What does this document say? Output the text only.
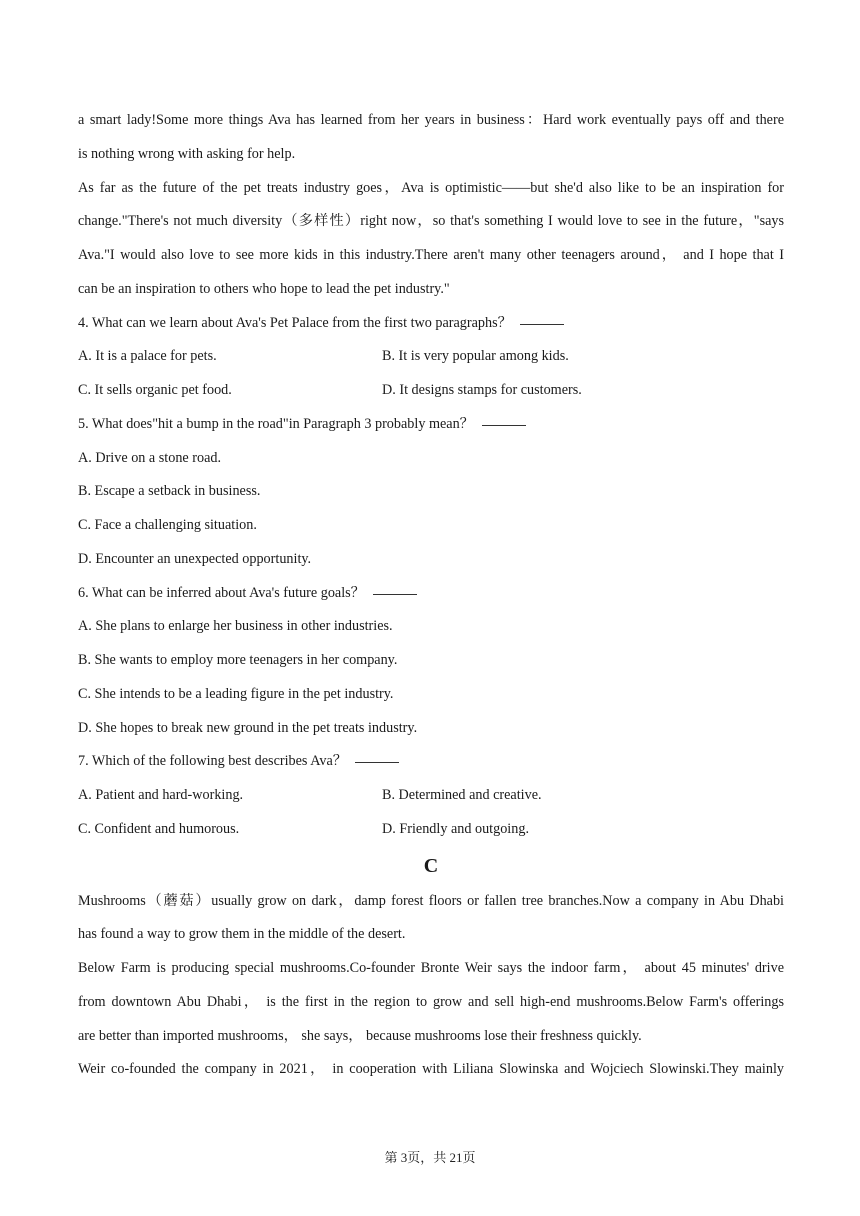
a smart lady!Some more things Ava has learned from her years in business：Hard work eventually pays off and there
is nothing wrong with asking for help.
As far as the future of the pet treats industry goes，Ava is optimistic——but she'd also like to be an inspiration for
change."There's not much diversity（多样性）right now，so that's something I would love to see in the future，"says
Ava."I would also love to see more kids in this industry.There aren't many other teenagers around， and I hope that I
can be an inspiration to others who hope to lead the pet industry."
4. What can we learn about Ava's Pet Palace from the first two paragraphs？
A. It is a palace for pets.	B. It is very popular among kids.
C. It sells organic pet food.	D. It designs stamps for customers.
5. What does"hit a bump in the road"in Paragraph 3 probably mean？
A. Drive on a stone road.
B. Escape a setback in business.
C. Face a challenging situation.
D. Encounter an unexpected opportunity.
6. What can be inferred about Ava's future goals？
A. She plans to enlarge her business in other industries.
B. She wants to employ more teenagers in her company.
C. She intends to be a leading figure in the pet industry.
D. She hopes to break new ground in the pet treats industry.
7. Which of the following best describes Ava？
A. Patient and hard-working.	B. Determined and creative.
C. Confident and humorous.	D. Friendly and outgoing.
C
Mushrooms（蘑菇）usually grow on dark，damp forest floors or fallen tree branches.Now a company in Abu Dhabi
has found a way to grow them in the middle of the desert.
Below Farm is producing special mushrooms.Co-founder Bronte Weir says the indoor farm， about 45 minutes' drive
from downtown Abu Dhabi， is the first in the region to grow and sell high-end mushrooms.Below Farm's offerings
are better than imported mushrooms， she says， because mushrooms lose their freshness quickly.
Weir co-founded the company in 2021， in cooperation with Liliana Slowinska and Wojciech Slowinski.They mainly
第 3页，共 21页
